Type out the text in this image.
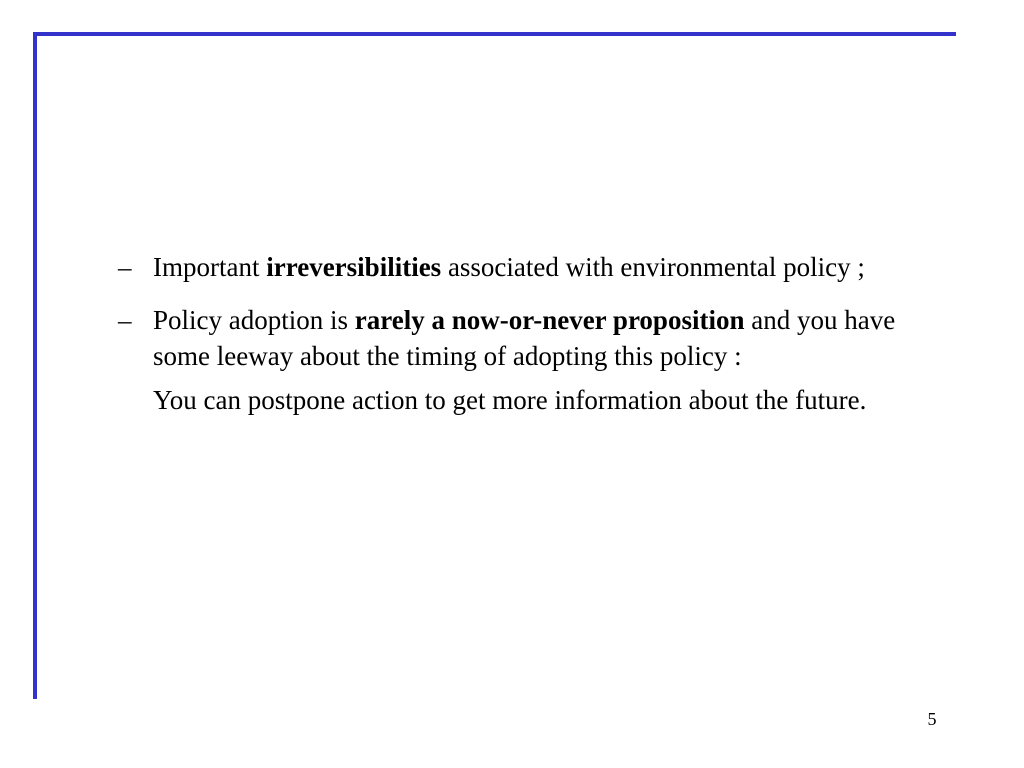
– Important irreversibilities associated with environmental policy ;

– Policy adoption is rarely a now-or-never proposition and you have some leeway about the timing of adopting this policy :

You can postpone action to get more information about the future.
5
